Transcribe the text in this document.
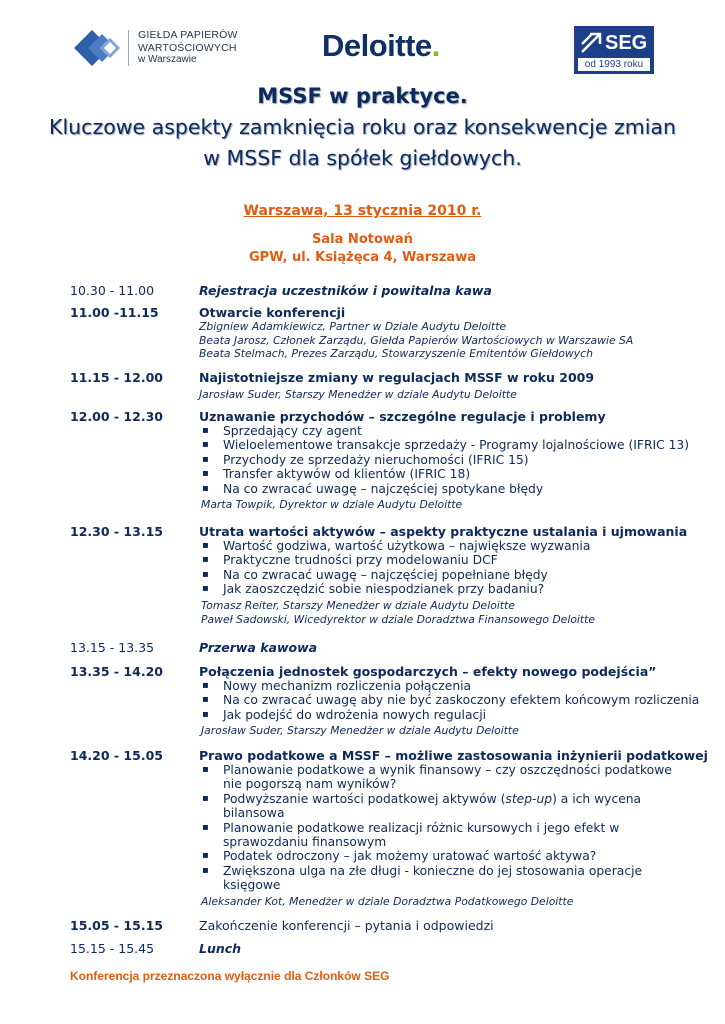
GIEŁDA PAPIERÓW
WARTOŚCIOWYCH
w Warszawie	Deloitte.	SEG
od 1993 roku
MSSF w praktyce.
Kluczowe aspekty zamknięcia roku oraz konsekwencje zmian w MSSF dla spółek giełdowych.
Warszawa, 13 stycznia 2010 r.
Sala Notowań
GPW, ul. Książęca 4, Warszawa
10.30 - 11.00	Rejestracja uczestników i powitalna kawa
11.00 -11.15	Otwarcie konferencji
Zbigniew Adamkiewicz, Partner w Dziale Audytu Deloitte
Beata Jarosz, Członek Zarządu, Giełda Papierów Wartościowych w Warszawie SA
Beata Stelmach, Prezes Zarządu, Stowarzyszenie Emitentów Giełdowych
11.15 - 12.00	Najistotniejsze zmiany w regulacjach MSSF w roku 2009
Jarosław Suder, Starszy Menedżer w dziale Audytu Deloitte
12.00 - 12.30	Uznawanie przychodów – szczególne regulacje i problemy
▪ Sprzedający czy agent
▪ Wieloelementowe transakcje sprzedaży - Programy lojalnościowe (IFRIC 13)
▪ Przychody ze sprzedaży nieruchomości (IFRIC 15)
▪ Transfer aktywów od klientów (IFRIC 18)
▪ Na co zwracać uwagę – najczęściej spotykane błędy
Marta Towpik, Dyrektor w dziale Audytu Deloitte
12.30 - 13.15	Utrata wartości aktywów – aspekty praktyczne ustalania i ujmowania
▪ Wartość godziwa, wartość użytkowa – największe wyzwania
▪ Praktyczne trudności przy modelowaniu DCF
▪ Na co zwracać uwagę – najczęściej popełniane błędy
▪ Jak zaoszczędzić sobie niespodzianek przy badaniu?
Tomasz Reiter, Starszy Menedżer w dziale Audytu Deloitte
Paweł Sadowski, Wicedyrektor w dziale Doradztwa Finansowego Deloitte
13.15 - 13.35	Przerwa kawowa
13.35 - 14.20	Połączenia jednostek gospodarczych – efekty nowego podejścia”
▪ Nowy mechanizm rozliczenia połączenia
▪ Na co zwracać uwagę aby nie być zaskoczony efektem końcowym rozliczenia
▪ Jak podejść do wdrożenia nowych regulacji
Jarosław Suder, Starszy Menedżer w dziale Audytu Deloitte
14.20 - 15.05	Prawo podatkowe a MSSF – możliwe zastosowania inżynierii podatkowej
▪ Planowanie podatkowe a wynik finansowy – czy oszczędności podatkowe nie pogorszą nam wyników?
▪ Podwyższanie wartości podatkowej aktywów (step-up) a ich wycena bilansowa
▪ Planowanie podatkowe realizacji różnic kursowych i jego efekt w sprawozdaniu finansowym
▪ Podatek odroczony – jak możemy uratować wartość aktywa?
▪ Zwiększona ulga na złe długi - konieczne do jej stosowania operacje księgowe
Aleksander Kot, Menedżer w dziale Doradztwa Podatkowego Deloitte
15.05 - 15.15	Zakończenie konferencji – pytania i odpowiedzi
15.15 - 15.45	Lunch
Konferencja przeznaczona wyłącznie dla Członków SEG
